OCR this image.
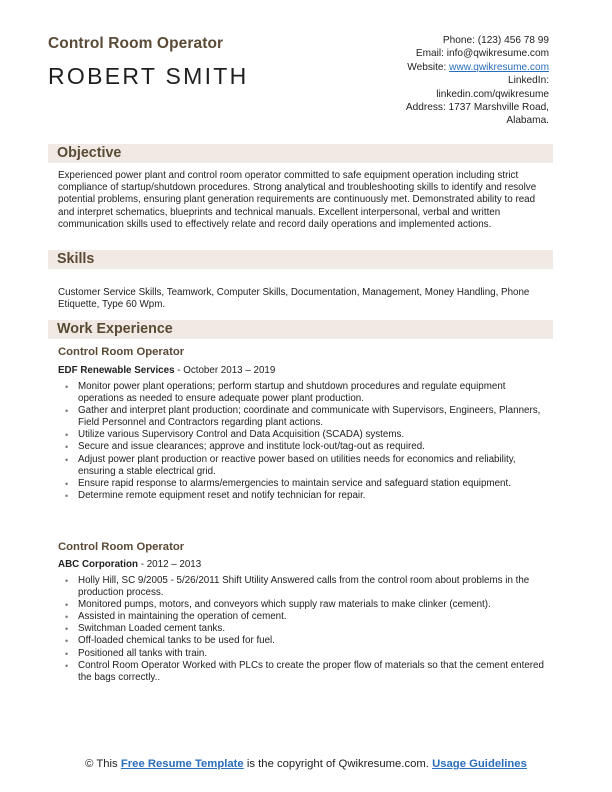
Control Room Operator
ROBERT SMITH
Phone: (123) 456 78 99
Email: info@qwikresume.com
Website: www.qwikresume.com
LinkedIn:
linkedin.com/qwikresume
Address: 1737 Marshville Road,
Alabama.
Objective
Experienced power plant and control room operator committed to safe equipment operation including strict compliance of startup/shutdown procedures. Strong analytical and troubleshooting skills to identify and resolve potential problems, ensuring plant generation requirements are continuously met. Demonstrated ability to read and interpret schematics, blueprints and technical manuals. Excellent interpersonal, verbal and written communication skills used to effectively relate and record daily operations and implemented actions.
Skills
Customer Service Skills, Teamwork, Computer Skills, Documentation, Management, Money Handling, Phone Etiquette, Type 60 Wpm.
Work Experience
Control Room Operator
EDF Renewable Services - October 2013 – 2019
• Monitor power plant operations; perform startup and shutdown procedures and regulate equipment operations as needed to ensure adequate power plant production.
• Gather and interpret plant production; coordinate and communicate with Supervisors, Engineers, Planners, Field Personnel and Contractors regarding plant actions.
• Utilize various Supervisory Control and Data Acquisition (SCADA) systems.
• Secure and issue clearances; approve and institute lock-out/tag-out as required.
• Adjust power plant production or reactive power based on utilities needs for economics and reliability, ensuring a stable electrical grid.
• Ensure rapid response to alarms/emergencies to maintain service and safeguard station equipment.
• Determine remote equipment reset and notify technician for repair.
Control Room Operator
ABC Corporation - 2012 – 2013
• Holly Hill, SC 9/2005 - 5/26/2011 Shift Utility Answered calls from the control room about problems in the production process.
• Monitored pumps, motors, and conveyors which supply raw materials to make clinker (cement).
• Assisted in maintaining the operation of cement.
• Switchman Loaded cement tanks.
• Off-loaded chemical tanks to be used for fuel.
• Positioned all tanks with train.
• Control Room Operator Worked with PLCs to create the proper flow of materials so that the cement entered the bags correctly..
© This Free Resume Template is the copyright of Qwikresume.com. Usage Guidelines
